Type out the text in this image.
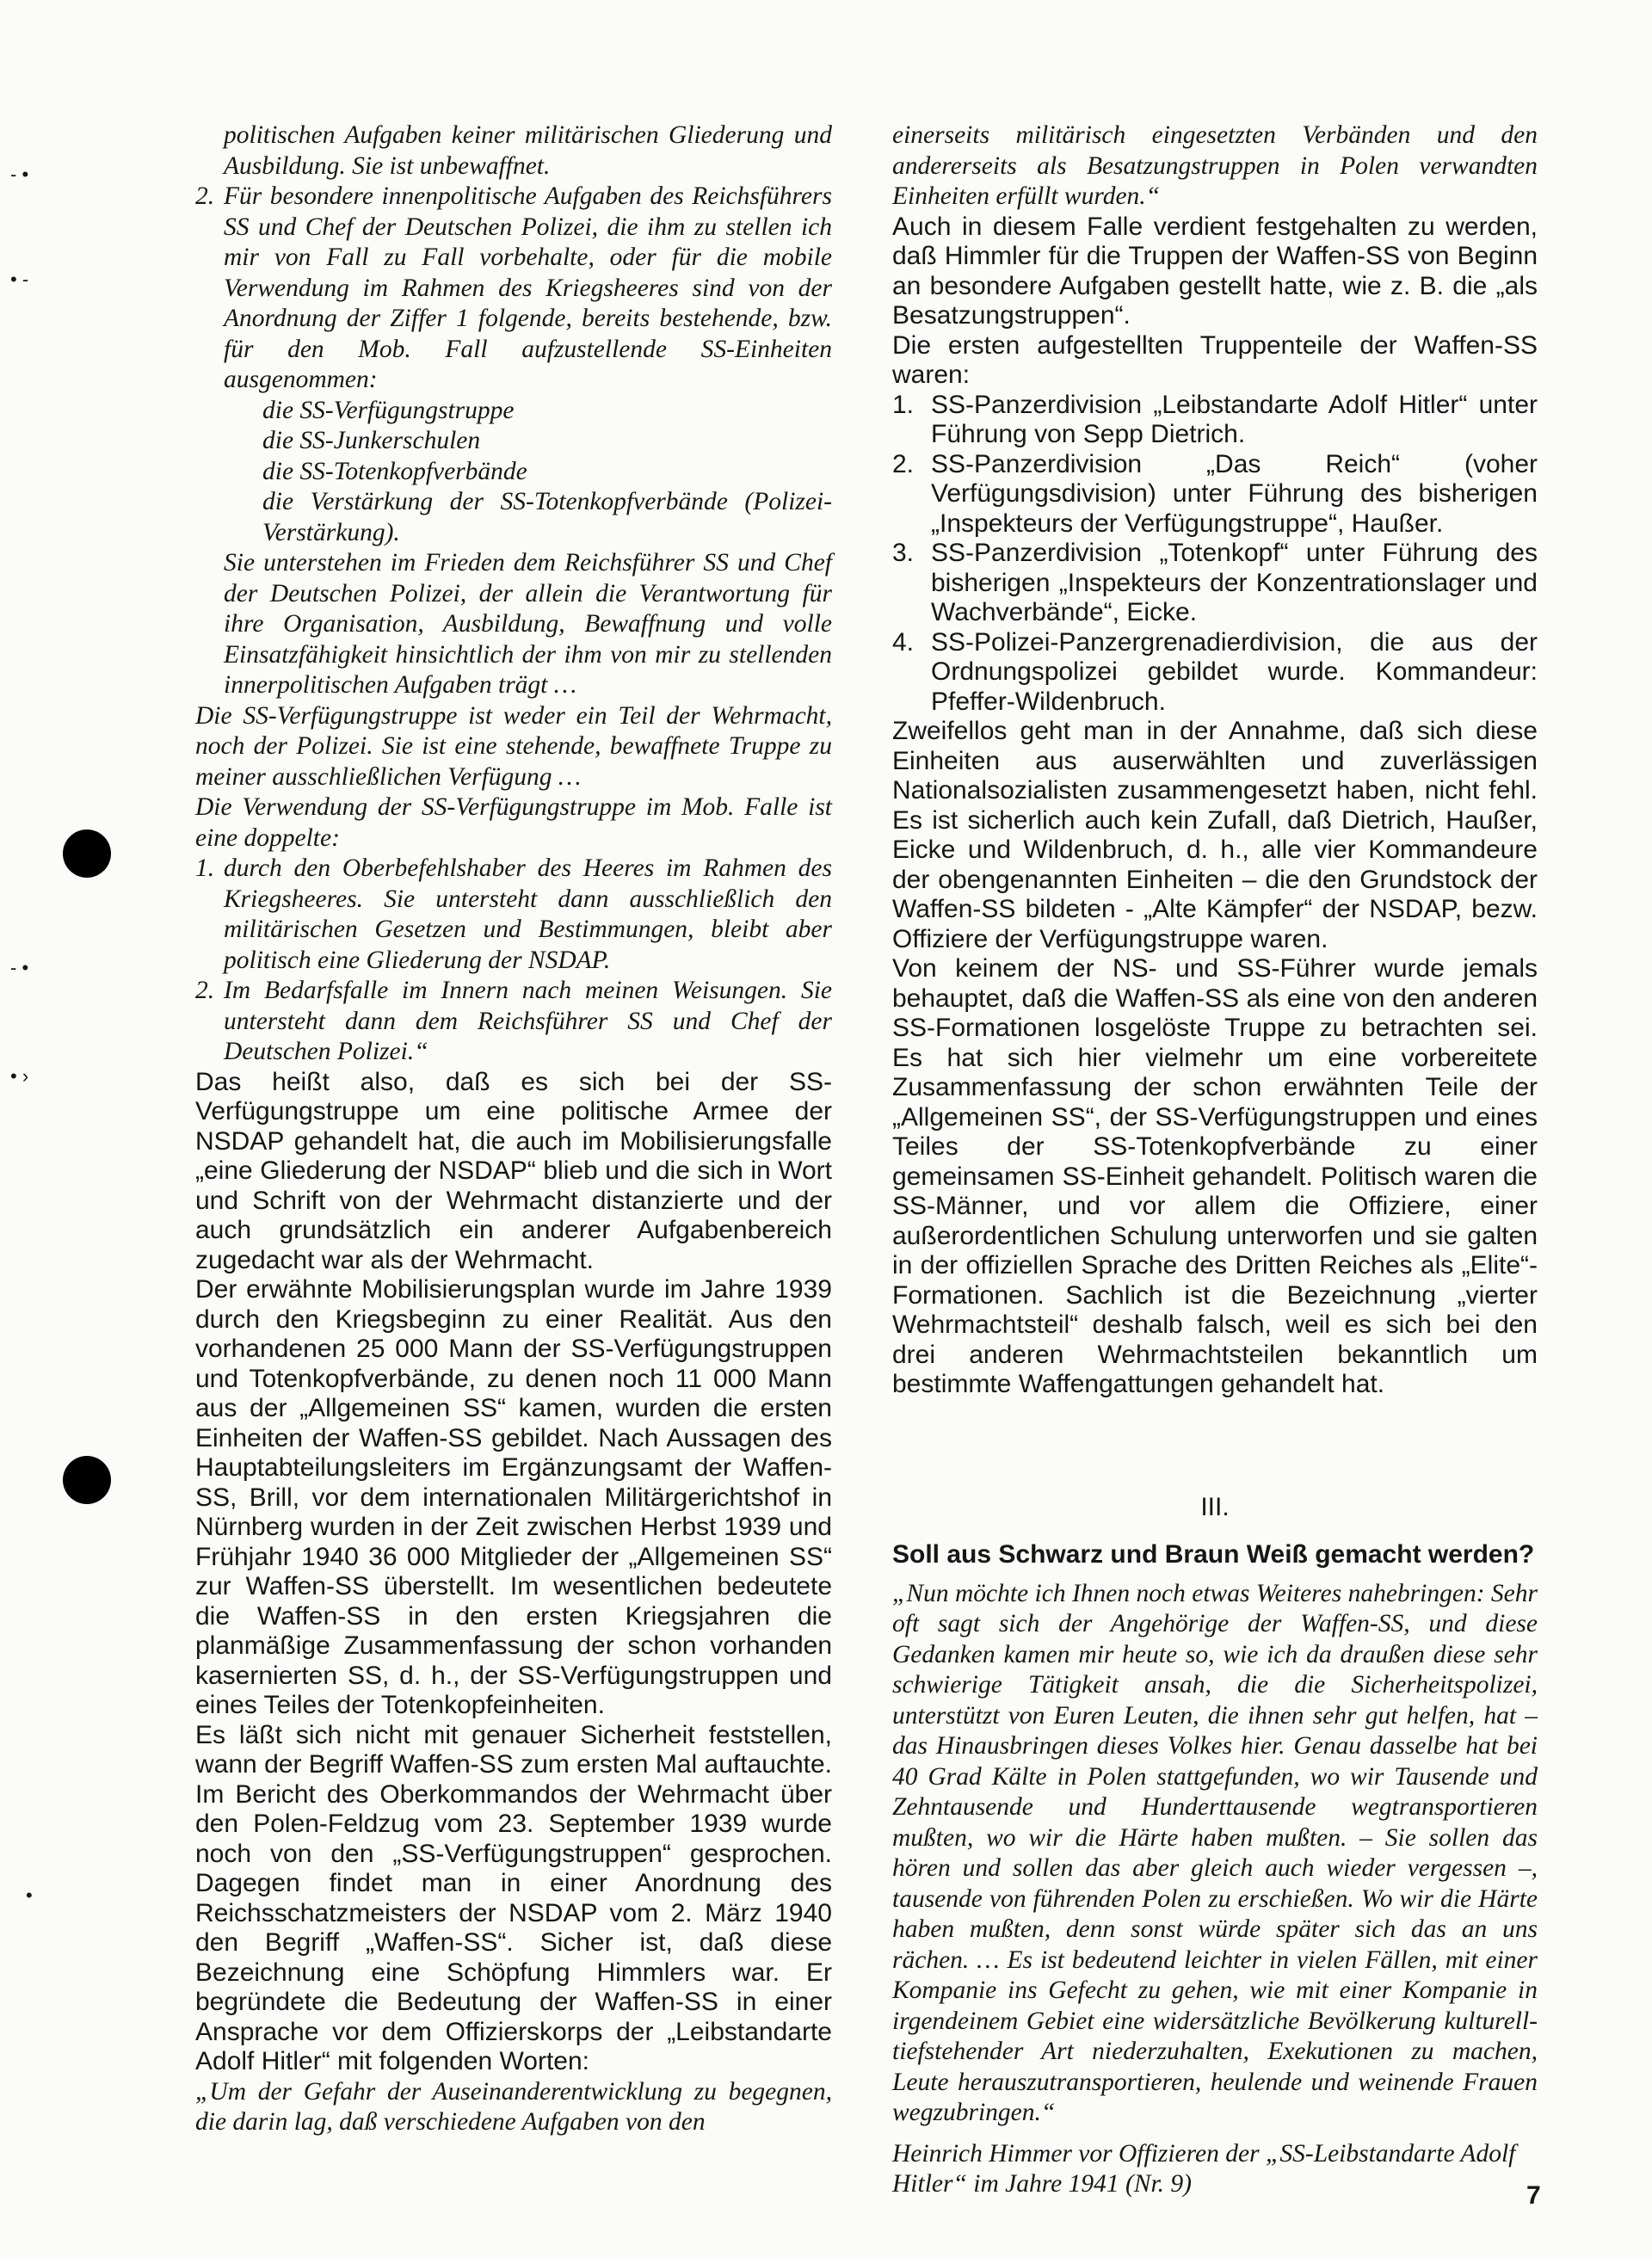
- •
• -
- •
• ›
•

politischen Aufgaben keiner militärischen Gliederung und Ausbildung. Sie ist unbewaffnet.

2. Für besondere innenpolitische Aufgaben des Reichsführers SS und Chef der Deutschen Polizei, die ihm zu stellen ich mir von Fall zu Fall vorbehalte, oder für die mobile Verwendung im Rahmen des Kriegsheeres sind von der Anordnung der Ziffer 1 folgende, bereits bestehende, bzw. für den Mob. Fall aufzustellende SS-Einheiten ausgenommen:
die SS-Verfügungstruppe
die SS-Junkerschulen
die SS-Totenkopfverbände
die Verstärkung der SS-Totenkopfverbände (Polizei-Verstärkung).

Sie unterstehen im Frieden dem Reichsführer SS und Chef der Deutschen Polizei, der allein die Verantwortung für ihre Organisation, Ausbildung, Bewaffnung und volle Einsatzfähigkeit hinsichtlich der ihm von mir zu stellenden innerpolitischen Aufgaben trägt …

Die SS-Verfügungstruppe ist weder ein Teil der Wehrmacht, noch der Polizei. Sie ist eine stehende, bewaffnete Truppe zu meiner ausschließlichen Verfügung …

Die Verwendung der SS-Verfügungstruppe im Mob. Falle ist eine doppelte:

1. durch den Oberbefehlshaber des Heeres im Rahmen des Kriegsheeres. Sie untersteht dann ausschließlich den militärischen Gesetzen und Bestimmungen, bleibt aber politisch eine Gliederung der NSDAP.
2. Im Bedarfsfalle im Innern nach meinen Weisungen. Sie untersteht dann dem Reichsführer SS und Chef der Deutschen Polizei.“

Das heißt also, daß es sich bei der SS-Verfügungstruppe um eine politische Armee der NSDAP gehandelt hat, die auch im Mobilisierungsfalle „eine Gliederung der NSDAP“ blieb und die sich in Wort und Schrift von der Wehrmacht distanzierte und der auch grundsätzlich ein anderer Aufgabenbereich zugedacht war als der Wehrmacht.

Der erwähnte Mobilisierungsplan wurde im Jahre 1939 durch den Kriegsbeginn zu einer Realität. Aus den vorhandenen 25 000 Mann der SS-Verfügungstruppen und Totenkopfverbände, zu denen noch 11 000 Mann aus der „Allgemeinen SS“ kamen, wurden die ersten Einheiten der Waffen-SS gebildet. Nach Aussagen des Hauptabteilungsleiters im Ergänzungsamt der Waffen-SS, Brill, vor dem internationalen Militärgerichtshof in Nürnberg wurden in der Zeit zwischen Herbst 1939 und Frühjahr 1940 36 000 Mitglieder der „Allgemeinen SS“ zur Waffen-SS überstellt. Im wesentlichen bedeutete die Waffen-SS in den ersten Kriegsjahren die planmäßige Zusammenfassung der schon vorhanden kasernierten SS, d. h., der SS-Verfügungstruppen und eines Teiles der Totenkopfeinheiten.

Es läßt sich nicht mit genauer Sicherheit feststellen, wann der Begriff Waffen-SS zum ersten Mal auftauchte. Im Bericht des Oberkommandos der Wehrmacht über den Polen-Feldzug vom 23. September 1939 wurde noch von den „SS-Verfügungstruppen“ gesprochen. Dagegen findet man in einer Anordnung des Reichsschatzmeisters der NSDAP vom 2. März 1940 den Begriff „Waffen-SS“. Sicher ist, daß diese Bezeichnung eine Schöpfung Himmlers war. Er begründete die Bedeutung der Waffen-SS in einer Ansprache vor dem Offizierskorps der „Leibstandarte Adolf Hitler“ mit folgenden Worten:

„Um der Gefahr der Auseinanderentwicklung zu begegnen, die darin lag, daß verschiedene Aufgaben von den

einerseits militärisch eingesetzten Verbänden und den andererseits als Besatzungstruppen in Polen verwandten Einheiten erfüllt wurden.“

Auch in diesem Falle verdient festgehalten zu werden, daß Himmler für die Truppen der Waffen-SS von Beginn an besondere Aufgaben gestellt hatte, wie z. B. die „als Besatzungstruppen“.

Die ersten aufgestellten Truppenteile der Waffen-SS waren:

1. SS-Panzerdivision „Leibstandarte Adolf Hitler“ unter Führung von Sepp Dietrich.
2. SS-Panzerdivision „Das Reich“ (voher Verfügungsdivision) unter Führung des bisherigen „Inspekteurs der Verfügungstruppe“, Haußer.
3. SS-Panzerdivision „Totenkopf“ unter Führung des bisherigen „Inspekteurs der Konzentrationslager und Wachverbände“, Eicke.
4. SS-Polizei-Panzergrenadierdivision, die aus der Ordnungspolizei gebildet wurde. Kommandeur: Pfeffer-Wildenbruch.

Zweifellos geht man in der Annahme, daß sich diese Einheiten aus auserwählten und zuverlässigen Nationalsozialisten zusammengesetzt haben, nicht fehl. Es ist sicherlich auch kein Zufall, daß Dietrich, Haußer, Eicke und Wildenbruch, d. h., alle vier Kommandeure der obengenannten Einheiten – die den Grundstock der Waffen-SS bildeten - „Alte Kämpfer“ der NSDAP, bezw. Offiziere der Verfügungstruppe waren.

Von keinem der NS- und SS-Führer wurde jemals behauptet, daß die Waffen-SS als eine von den anderen SS-Formationen losgelöste Truppe zu betrachten sei. Es hat sich hier vielmehr um eine vorbereitete Zusammenfassung der schon erwähnten Teile der „Allgemeinen SS“, der SS-Verfügungstruppen und eines Teiles der SS-Totenkopfverbände zu einer gemeinsamen SS-Einheit gehandelt. Politisch waren die SS-Männer, und vor allem die Offiziere, einer außerordentlichen Schulung unterworfen und sie galten in der offiziellen Sprache des Dritten Reiches als „Elite“-Formationen. Sachlich ist die Bezeichnung „vierter Wehrmachtsteil“ deshalb falsch, weil es sich bei den drei anderen Wehrmachtsteilen bekanntlich um bestimmte Waffengattungen gehandelt hat.

III.
Soll aus Schwarz und Braun Weiß gemacht werden?

„Nun möchte ich Ihnen noch etwas Weiteres nahebringen: Sehr oft sagt sich der Angehörige der Waffen-SS, und diese Gedanken kamen mir heute so, wie ich da draußen diese sehr schwierige Tätigkeit ansah, die die Sicherheitspolizei, unterstützt von Euren Leuten, die ihnen sehr gut helfen, hat – das Hinausbringen dieses Volkes hier. Genau dasselbe hat bei 40 Grad Kälte in Polen stattgefunden, wo wir Tausende und Zehntausende und Hunderttausende wegtransportieren mußten, wo wir die Härte haben mußten. – Sie sollen das hören und sollen das aber gleich auch wieder vergessen –, tausende von führenden Polen zu erschießen. Wo wir die Härte haben mußten, denn sonst würde später sich das an uns rächen. … Es ist bedeutend leichter in vielen Fällen, mit einer Kompanie ins Gefecht zu gehen, wie mit einer Kompanie in irgendeinem Gebiet eine widersätzliche Bevölkerung kulturell-tiefstehender Art niederzuhalten, Exekutionen zu machen, Leute herauszutransportieren, heulende und weinende Frauen wegzubringen.“

Heinrich Himmer vor Offizieren der „SS-Leibstandarte Adolf Hitler“ im Jahre 1941 (Nr. 9)	7
